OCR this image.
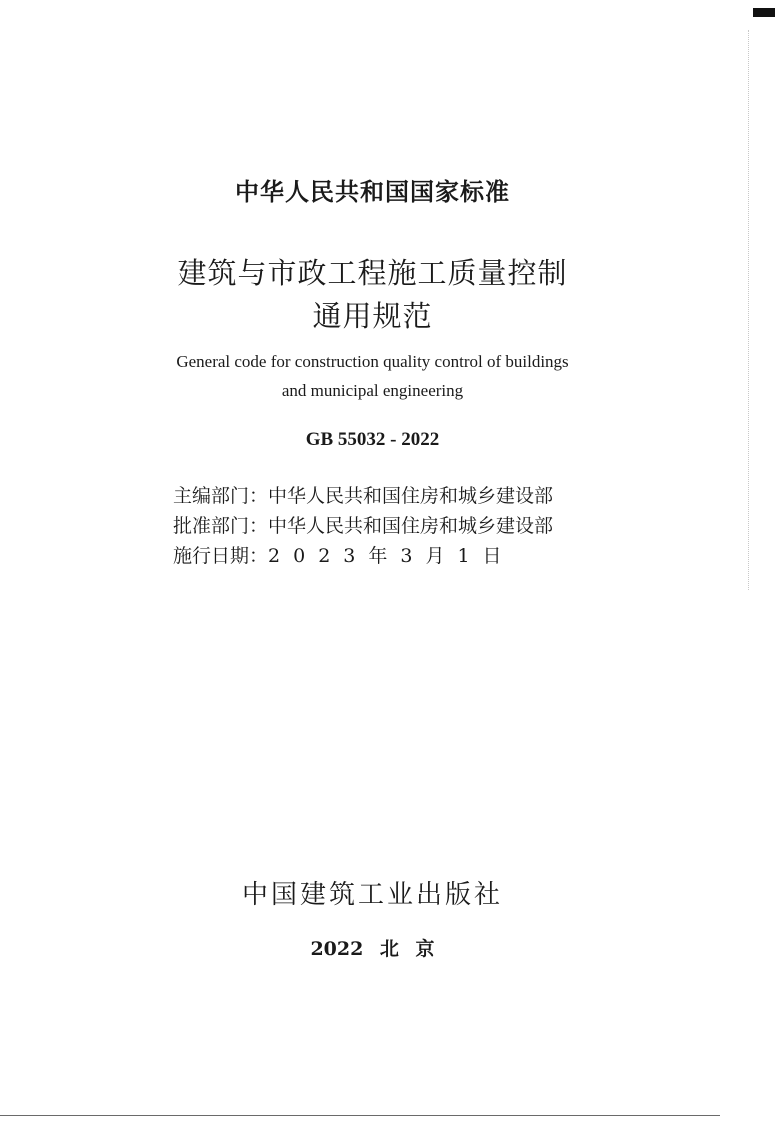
中华人民共和国国家标准
建筑与市政工程施工质量控制
通用规范
General code for construction quality control of buildings
and municipal engineering
GB 55032 - 2022
主编部门：中华人民共和国住房和城乡建设部
批准部门：中华人民共和国住房和城乡建设部
施行日期：2023年3月1日
中国建筑工业出版社
2022 北 京
